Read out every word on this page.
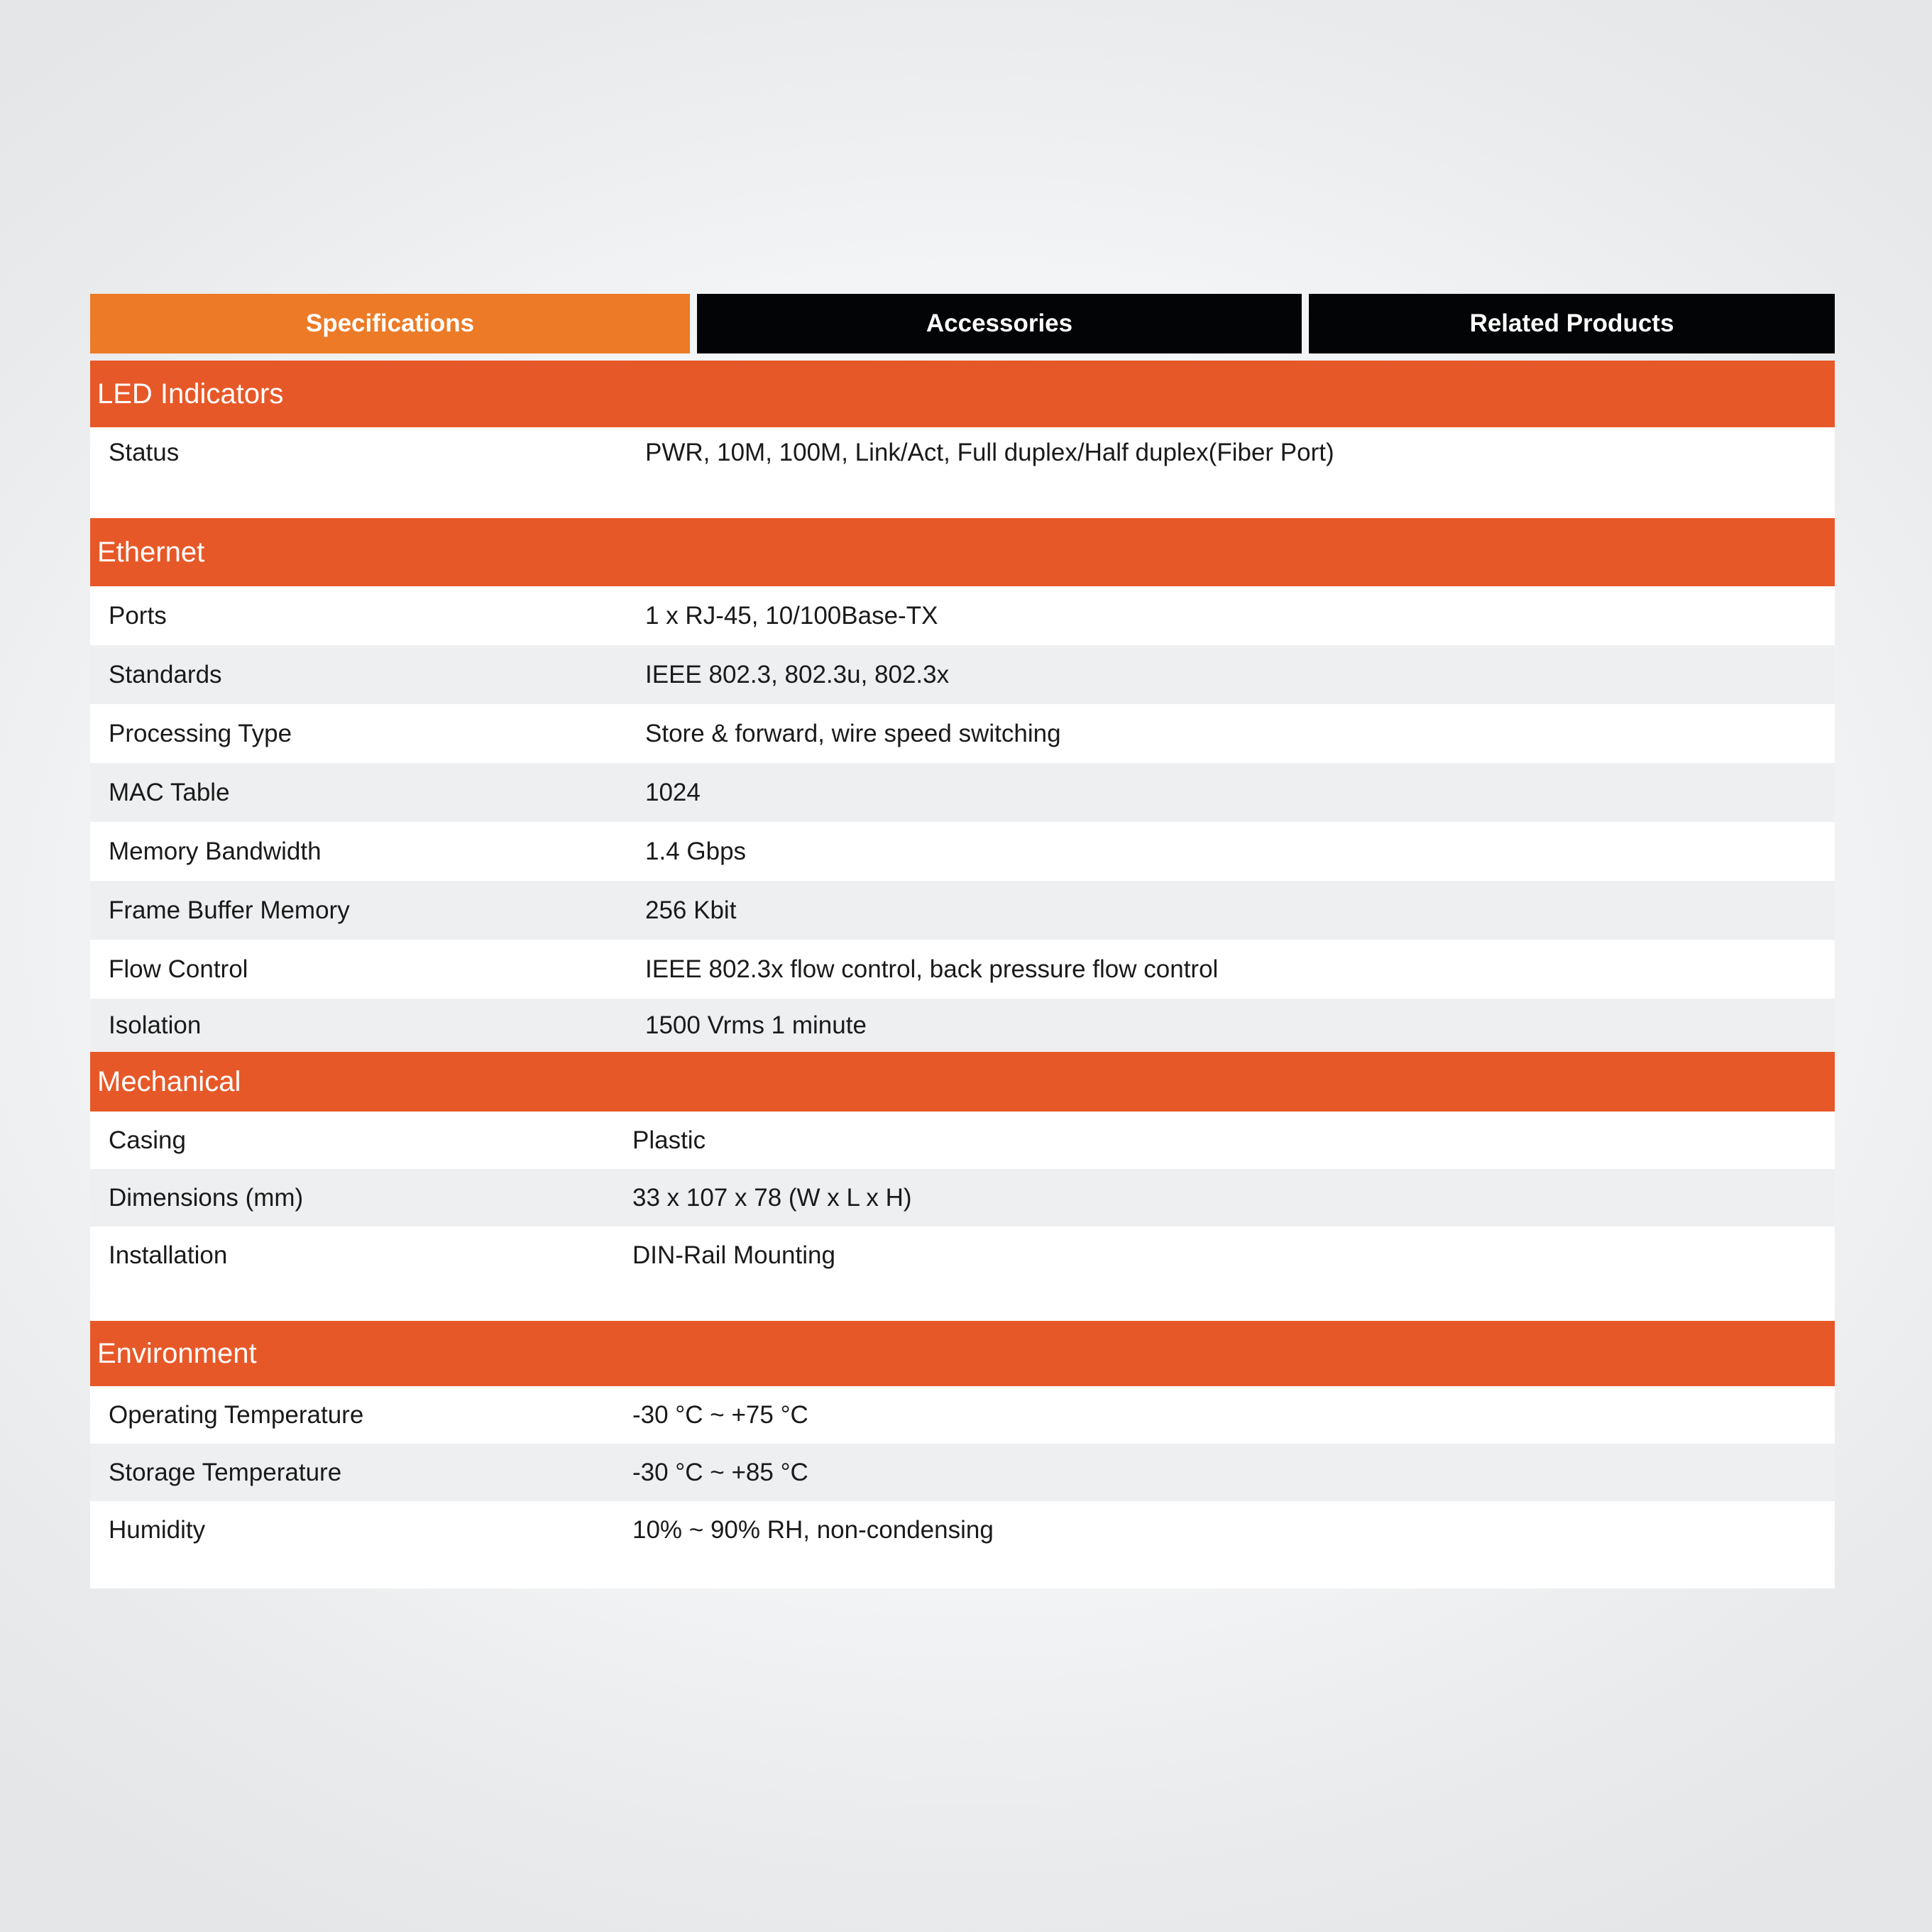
Specifications	Accessories	Related Products
LED Indicators
Status	PWR, 10M, 100M, Link/Act, Full duplex/Half duplex(Fiber Port)
Ethernet
Ports	1 x RJ-45, 10/100Base-TX
Standards	IEEE 802.3, 802.3u, 802.3x
Processing Type	Store & forward, wire speed switching
MAC Table	1024
Memory Bandwidth	1.4 Gbps
Frame Buffer Memory	256 Kbit
Flow Control	IEEE 802.3x flow control, back pressure flow control
Isolation	1500 Vrms 1 minute
Mechanical
Casing	Plastic
Dimensions (mm)	33 x 107 x 78 (W x L x H)
Installation	DIN-Rail Mounting
Environment
Operating Temperature	-30 °C ~ +75 °C
Storage Temperature	-30 °C ~ +85 °C
Humidity	10% ~ 90% RH, non-condensing
